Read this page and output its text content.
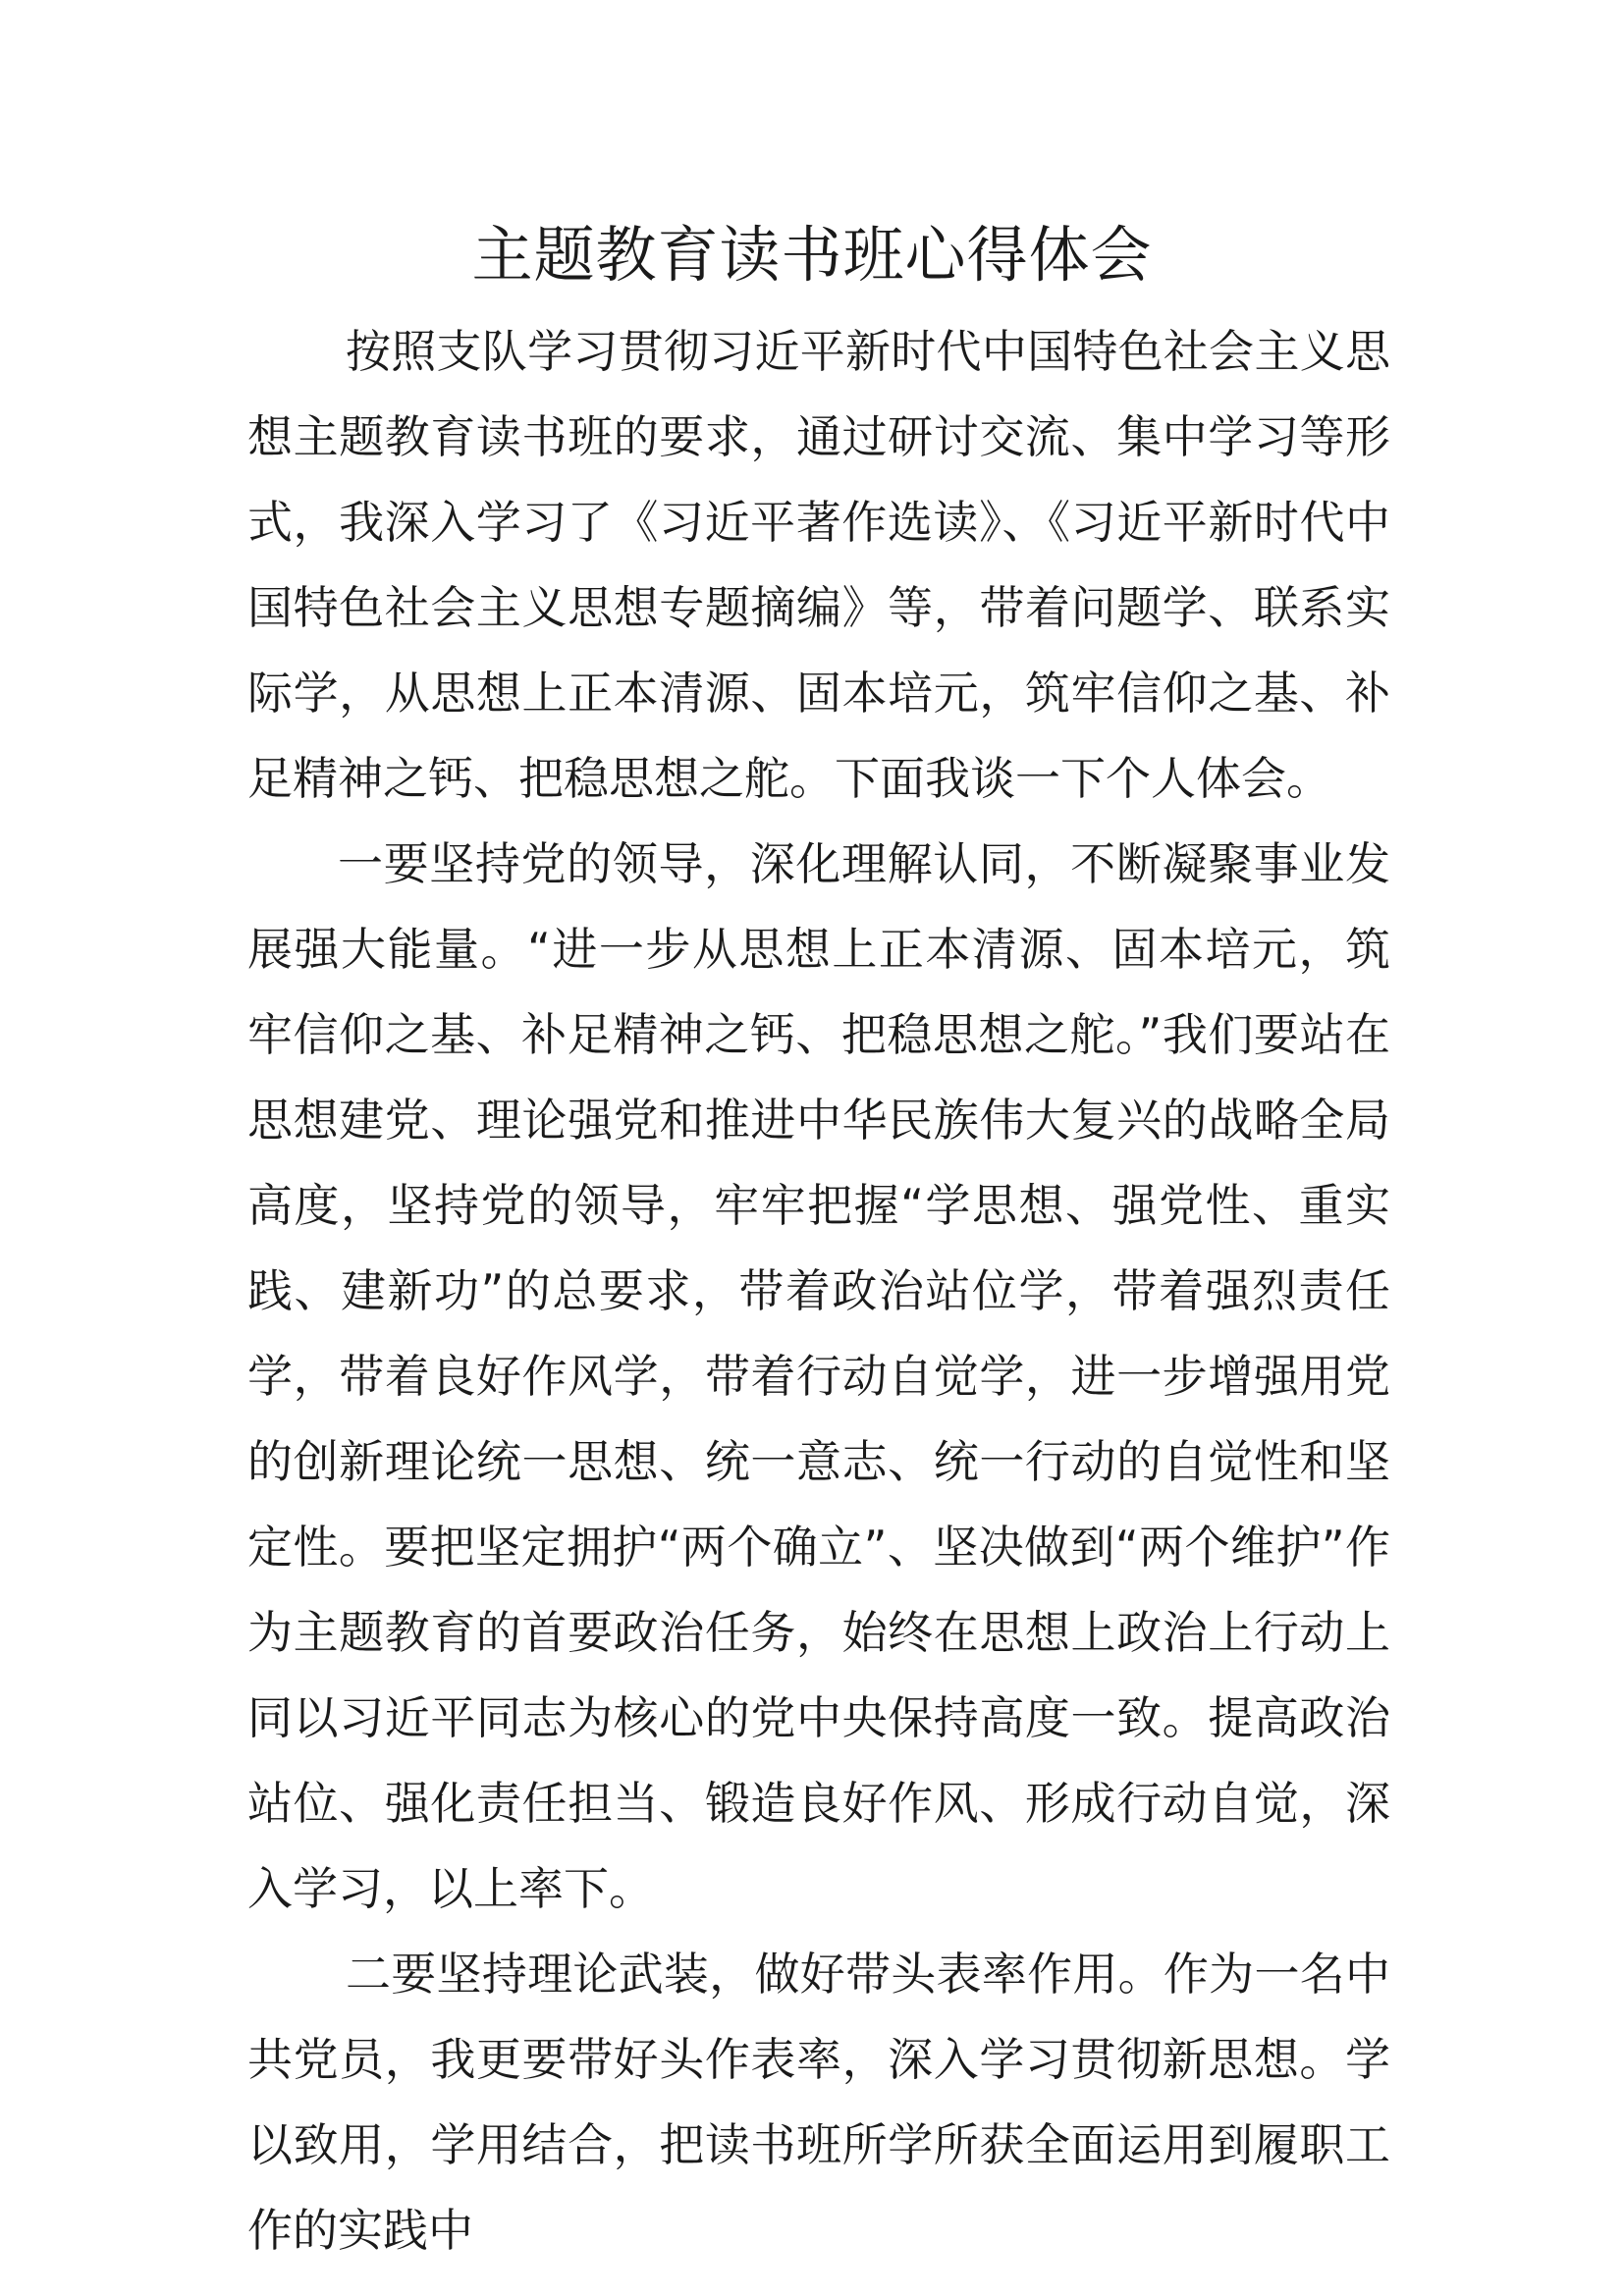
主题教育读书班心得体会

按照支队学习贯彻习近平新时代中国特色社会主义思想主题教育读书班的要求，通过研讨交流、集中学习等形式，我深入学习了《习近平著作选读》、《习近平新时代中国特色社会主义思想专题摘编》等，带着问题学、联系实际学，从思想上正本清源、固本培元，筑牢信仰之基、补足精神之钙、把稳思想之舵。下面我谈一下个人体会。

一要坚持党的领导，深化理解认同，不断凝聚事业发展强大能量。“进一步从思想上正本清源、固本培元，筑牢信仰之基、补足精神之钙、把稳思想之舵。”我们要站在思想建党、理论强党和推进中华民族伟大复兴的战略全局高度，坚持党的领导，牢牢把握“学思想、强党性、重实践、建新功”的总要求，带着政治站位学，带着强烈责任学，带着良好作风学，带着行动自觉学，进一步增强用党的创新理论统一思想、统一意志、统一行动的自觉性和坚定性。要把坚定拥护“两个确立”、坚决做到“两个维护”作为主题教育的首要政治任务，始终在思想上政治上行动上同以习近平同志为核心的党中央保持高度一致。提高政治站位、强化责任担当、锻造良好作风、形成行动自觉，深入学习，以上率下。

二要坚持理论武装，做好带头表率作用。作为一名中共党员，我更要带好头作表率，深入学习贯彻新思想。学以致用，学用结合，把读书班所学所获全面运用到履职工作的实践中
